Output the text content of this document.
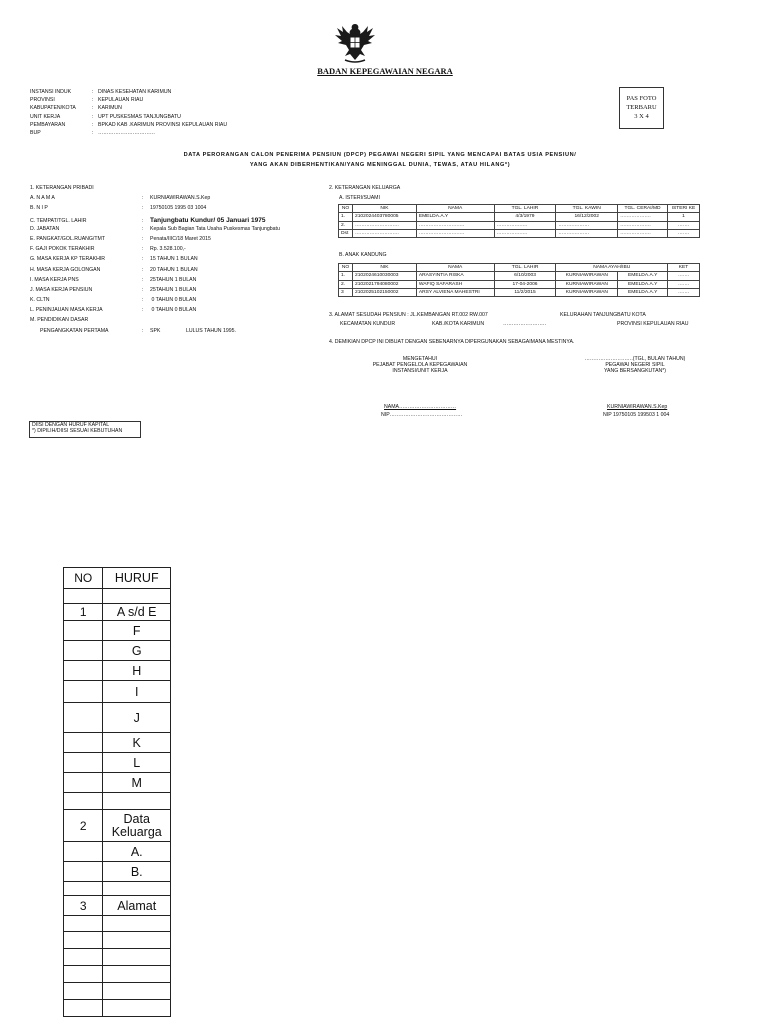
BADAN KEPEGAWAIAN NEGARA
PAS FOTO
TERBARU
3 X 4
INSTANSI INDUK	: DINAS KESEHATAN KARIMUN
PROVINSI	: KEPULAUAN RIAU
KABUPATEN/KOTA	: KARIMUN
UNIT KERJA	: UPT PUSKESMAS TANJUNGBATU
PEMBAYARAN	: BPKAD KAB .KARIMUN PROVINSI KEPULAUAN RIAU
BUP	: ……………………………
DATA PERORANGAN CALON PENERIMA PENSIUN (DPCP) PEGAWAI NEGERI SIPIL YANG MENCAPAI BATAS USIA PENSIUN/
YANG AKAN DIBERHENTIKAN/YANG MENINGGAL DUNIA, TEWAS, ATAU HILANG*)
1. KETERANGAN PRIBADI
A. N A M A	: KURNIAWIRAWAN.S.Kep
B. N I P	: 19750105 1995 03 1004
C. TEMPAT/TGL. LAHIR	: Tanjungbatu Kundur/ 05 Januari 1975
D. JABATAN	: Kepala Sub Bagian Tata Usaha Puskesmas Tanjungbatu
E. PANGKAT/GOL.RUANG/TMT	: Penata/IIIC/18 Maret 2015
F. GAJI POKOK TERAKHIR	: Rp. 3.528.100,-
G. MASA KERJA KP TERAKHIR	: 15 TAHUN 1 BULAN
H. MASA KERJA GOLONGAN	: 20 TAHUN 1 BULAN
I. MASA KERJA PNS	: 25TAHUN 1 BULAN
J. MASA KERJA PENSIUN	: 25TAHUN 1 BULAN
K. CLTN	: 0 TAHUN 0 BULAN
L. PENINJAUAN MASA KERJA	: 0 TAHUN 0 BULAN
M. PENDIDIKAN DASAR
PENGANGKATAN PERTAMA	: SPK	LULUS TAHUN 1995.
DIISI DENGAN HURUF KAPITAL
*) DIPILIH/DIISI SESUAI KEBUTUHAN
2. KETERANGAN KELUARGA
A. ISTERI/SUAMI
NO	NIK	NAMA	TGL. LAHIR	TGL. KAWIN	TGL. CERAI/MD	ISTERI KE
1.	2102024403780005	EMELDA.A.Y	4/3/1979	16/12/2002	……………….	1
2.	………………………	……………………….	……………….	……………….	……………….	…….
Dst	………………………	……………………….	……………….	……………….	……………….	…….
B. ANAK KANDUNG
NO	NIK	NAMA	TGL. LAHIR	NAMA AYAH/IBU		KET
1.	2102024610030003	ARASYINTIA RISKA	6/10/2003	KURNIAWIRAWAN	EMELDA.A.Y	…….
2.	2102021794080002	WAFIQ SAFARASH	17-04-2006	KURNIAWIRAWAN	EMELDA.A.Y	…….
3	2102025102150002	ARSY ALVIENA MAHESTRI	11/2/2015	KURNIAWIRAWAN	EMELDA.A.Y	…….
3. ALAMAT SESUDAH PENSIUN : JL.KEMBANGAN RT.002 RW.007	KELURAHAN TANJUNGBATU KOTA
KECAMATAN KUNDUR	KAB./KOTA KARIMUN	…………………….	PROVINSI KEPULAUAN RIAU
4. DEMIKIAN DPCP INI DIBUAT DENGAN SEBENARNYA DIPERGUNAKAN SEBAGAIMANA MESTINYA.
MENGETAHUI
PEJABAT PENGELOLA KEPEGAWAIAN
INSTANSI/UNIT KERJA
……………………….(TGL, BULAN TAHUN)
PEGAWAI NEGERI SIPIL
YANG BERSANGKUTAN*)
NAMA……………………………
NIP……………………………………
KURNIAWIRAWAN.S.Kep
NIP 19750105 199503 1 004
NO	HURUF

1	A s/d E
	F
	G
	H
	I
	J
	K
	L
	M

2	Data Keluarga
	A.
	B.

3	Alamat
